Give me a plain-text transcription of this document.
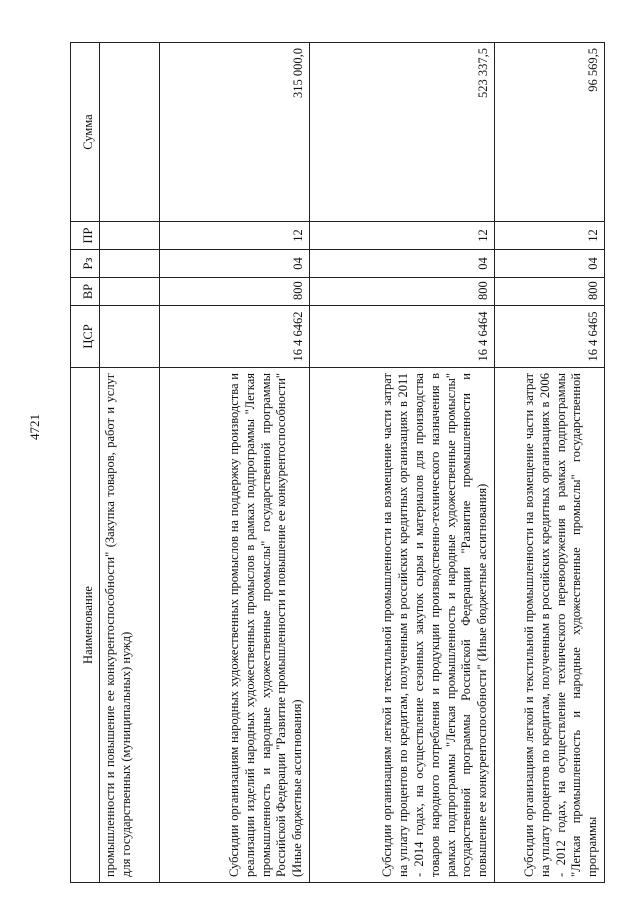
4721
Наименование	ЦСР	ВР	Рз	ПР	Сумма
промышленности и повышение ее конкурентоспособности" (Закупка товаров, работ и услуг для государственных (муниципальных) нужд)					
Субсидии организациям народных художественных промыслов на поддержку производства и реализации изделий народных художественных промыслов в рамках подпрограммы "Легкая промышленность и народные художественные промыслы" государственной программы Российской Федерации "Развитие промышленности и повышение ее конкурентоспособности" (Иные бюджетные ассигнования)	16 4 6462	800	04	12	315 000,0
Субсидии организациям легкой и текстильной промышленности на возмещение части затрат на уплату процентов по кредитам, полученным в российских кредитных организациях в 2011 - 2014 годах, на осуществление сезонных закупок сырья и материалов для производства товаров народного потребления и продукции производственно-технического назначения в рамках подпрограммы "Легкая промышленность и народные художественные промыслы" государственной программы Российской Федерации "Развитие промышленности и повышение ее конкурентоспособности" (Иные бюджетные ассигнования)	16 4 6464	800	04	12	523 337,5
Субсидии организациям легкой и текстильной промышленности на возмещение части затрат на уплату процентов по кредитам, полученным в российских кредитных организациях в 2006 - 2012 годах, на осуществление технического перевооружения в рамках подпрограммы "Легкая промышленность и народные художественные промыслы" государственной программы	16 4 6465	800	04	12	96 569,5
